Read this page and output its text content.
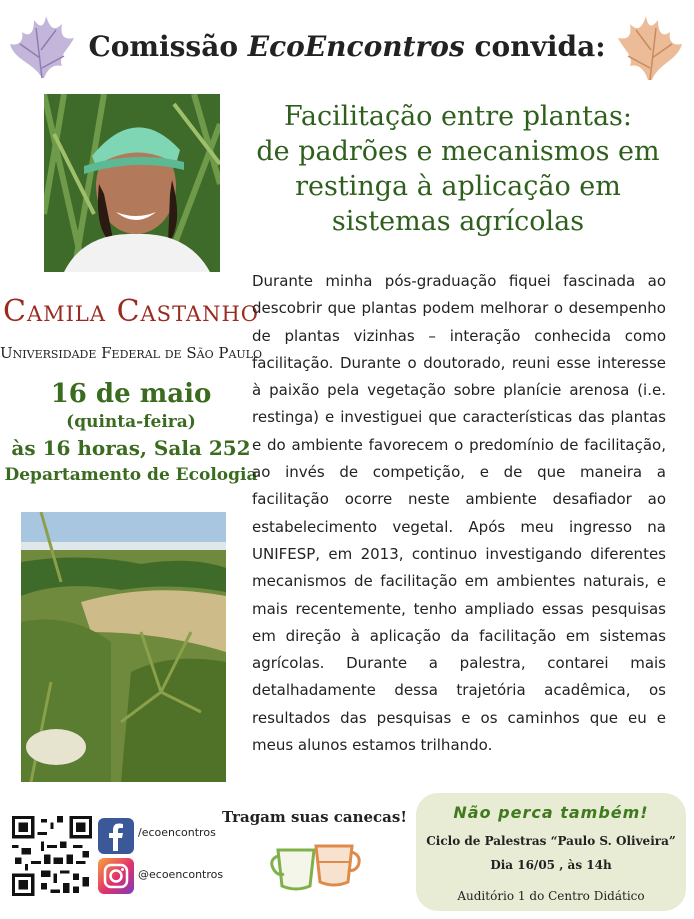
Comissão EcoEncontros convida:
Facilitação entre plantas:
de padrões e mecanismos em
restinga à aplicação em
sistemas agrícolas
Camila Castanho
Universidade Federal de São Paulo
16 de maio
(quinta-feira)
às 16 horas, Sala 252
Departamento de Ecologia
Durante minha pós-graduação fiquei fascinada ao descobrir que plantas podem melhorar o desempenho de plantas vizinhas – interação conhecida como facilitação. Durante o doutorado, reuni esse interesse à paixão pela vegetação sobre planície arenosa (i.e. restinga) e investiguei que características das plantas e do ambiente favorecem o predomínio de facilitação, ao invés de competição, e de que maneira a facilitação ocorre neste ambiente desafiador ao estabelecimento vegetal. Após meu ingresso na UNIFESP, em 2013, continuo investigando diferentes mecanismos de facilitação em ambientes naturais, e mais recentemente, tenho ampliado essas pesquisas em direção à aplicação da facilitação em sistemas agrícolas. Durante a palestra, contarei mais detalhadamente dessa trajetória acadêmica, os resultados das pesquisas e os caminhos que eu e meus alunos estamos trilhando.
/ecoencontros
@ecoencontros
Tragam suas canecas!	Não perca também!
Ciclo de Palestras “Paulo S. Oliveira”
Dia 16/05 , às 14h
Auditório 1 do Centro Didático
